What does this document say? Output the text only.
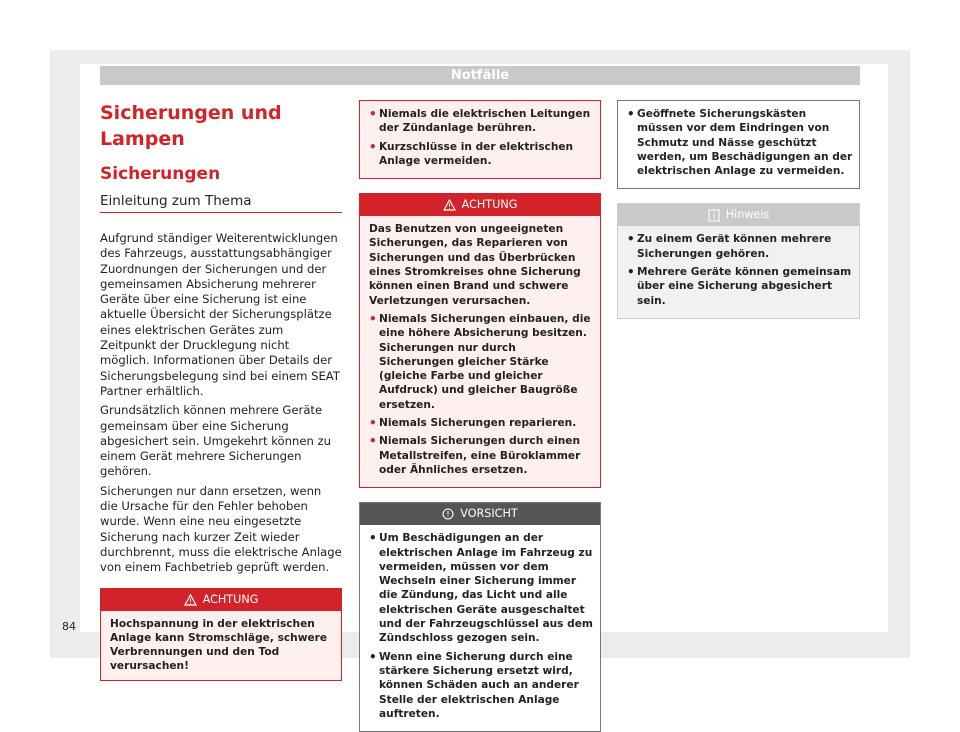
Notfälle
Sicherungen und Lampen
Sicherungen
Einleitung zum Thema

Aufgrund ständiger Weiterentwicklungen des Fahrzeugs, ausstattungsabhängiger Zuordnungen der Sicherungen und der gemeinsamen Absicherung mehrerer Geräte über eine Sicherung ist eine aktuelle Übersicht der Sicherungsplätze eines elektrischen Gerätes zum Zeitpunkt der Drucklegung nicht möglich. Informationen über Details der Sicherungsbelegung sind bei einem SEAT Partner erhältlich.

Grundsätzlich können mehrere Geräte gemeinsam über eine Sicherung abgesichert sein. Umgekehrt können zu einem Gerät mehrere Sicherungen gehören.

Sicherungen nur dann ersetzen, wenn die Ursache für den Fehler behoben wurde. Wenn eine neu eingesetzte Sicherung nach kurzer Zeit wieder durchbrennt, muss die elektrische Anlage von einem Fachbetrieb geprüft werden.

ACHTUNG

Hochspannung in der elektrischen Anlage kann Stromschläge, schwere Verbrennungen und den Tod verursachen!

• Niemals die elektrischen Leitungen der Zündanlage berühren.
• Kurzschlüsse in der elektrischen Anlage vermeiden.
ACHTUNG

Das Benutzen von ungeeigneten Sicherungen, das Reparieren von Sicherungen und das Überbrücken eines Stromkreises ohne Sicherung können einen Brand und schwere Verletzungen verursachen.

• Niemals Sicherungen einbauen, die eine höhere Absicherung besitzen. Sicherungen nur durch Sicherungen gleicher Stärke (gleiche Farbe und gleicher Aufdruck) und gleicher Baugröße ersetzen.
• Niemals Sicherungen reparieren.
• Niemals Sicherungen durch einen Metallstreifen, eine Büroklammer oder Ähnliches ersetzen.
VORSICHT
• Um Beschädigungen an der elektrischen Anlage im Fahrzeug zu vermeiden, müssen vor dem Wechseln einer Sicherung immer die Zündung, das Licht und alle elektrischen Geräte ausgeschaltet und der Fahrzeugschlüssel aus dem Zündschloss gezogen sein.
• Wenn eine Sicherung durch eine stärkere Sicherung ersetzt wird, können Schäden auch an anderer Stelle der elektrischen Anlage auftreten.
• Geöffnete Sicherungskästen müssen vor dem Eindringen von Schmutz und Nässe geschützt werden, um Beschädigungen an der elektrischen Anlage zu vermeiden.
Hinweis
• Zu einem Gerät können mehrere Sicherungen gehören.
• Mehrere Geräte können gemeinsam über eine Sicherung abgesichert sein.
84
